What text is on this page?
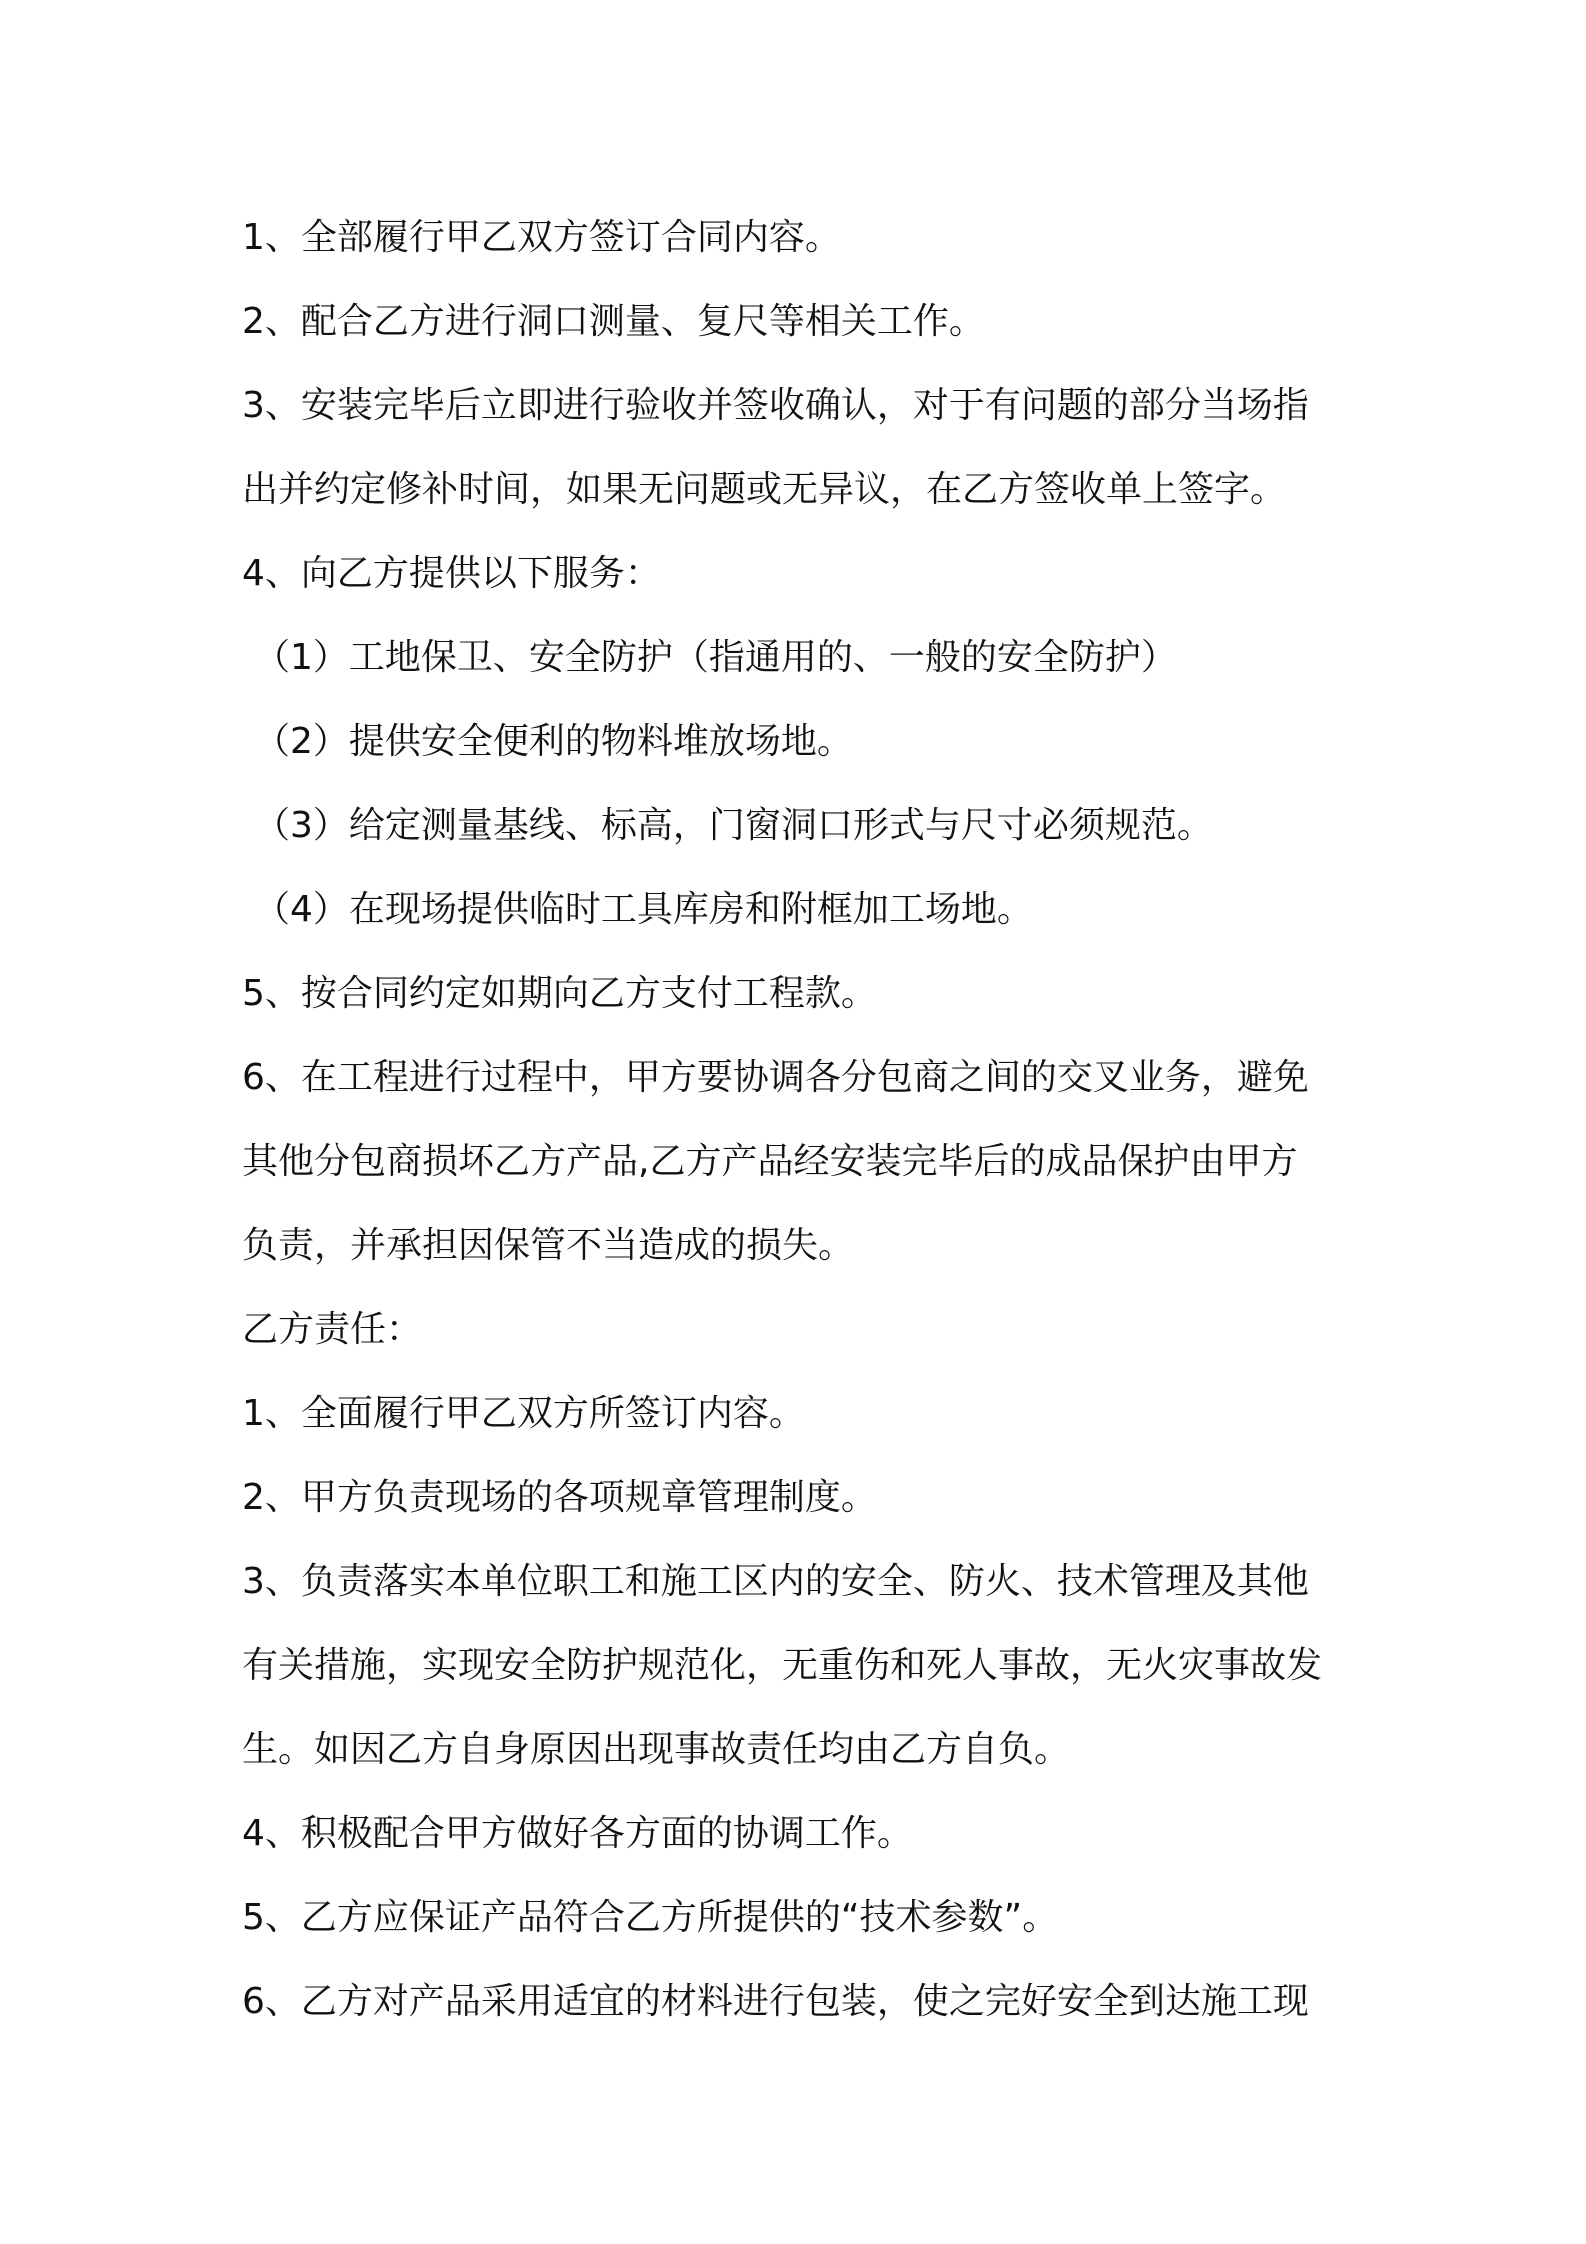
1、全部履行甲乙双方签订合同内容。
2、配合乙方进行洞口测量、复尺等相关工作。
3、安装完毕后立即进行验收并签收确认，对于有问题的部分当场指
出并约定修补时间，如果无问题或无异议，在乙方签收单上签字。
4、向乙方提供以下服务：
（1）工地保卫、安全防护（指通用的、一般的安全防护）
（2）提供安全便利的物料堆放场地。
（3）给定测量基线、标高，门窗洞口形式与尺寸必须规范。
（4）在现场提供临时工具库房和附框加工场地。
5、按合同约定如期向乙方支付工程款。
6、在工程进行过程中，甲方要协调各分包商之间的交叉业务，避免
其他分包商损坏乙方产品,乙方产品经安装完毕后的成品保护由甲方
负责，并承担因保管不当造成的损失。
乙方责任：
1、全面履行甲乙双方所签订内容。
2、甲方负责现场的各项规章管理制度。
3、负责落实本单位职工和施工区内的安全、防火、技术管理及其他
有关措施，实现安全防护规范化，无重伤和死人事故，无火灾事故发
生。如因乙方自身原因出现事故责任均由乙方自负。
4、积极配合甲方做好各方面的协调工作。
5、乙方应保证产品符合乙方所提供的“技术参数”。
6、乙方对产品采用适宜的材料进行包装，使之完好安全到达施工现
